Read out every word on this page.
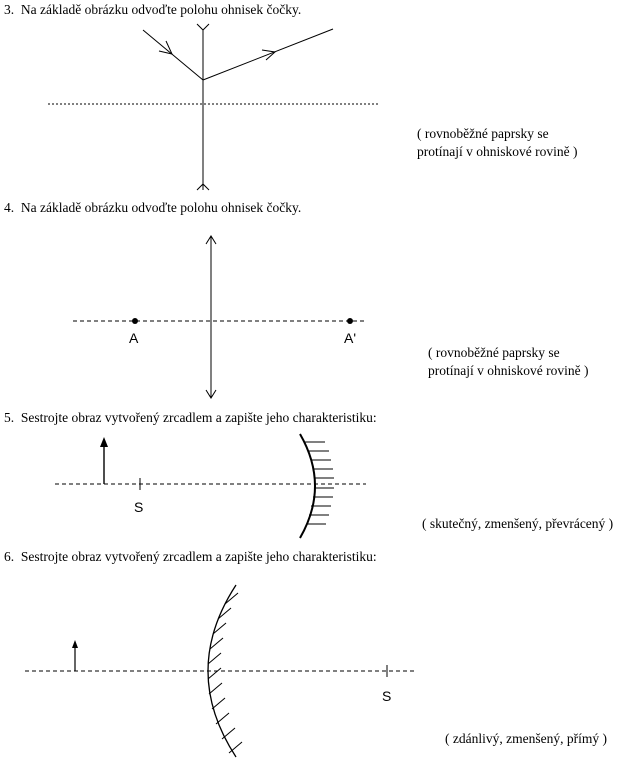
3. Na základě obrázku odvoďte polohu ohnisek čočky.
( rovnoběžné paprsky se
protínají v ohniskové rovině )
4. Na základě obrázku odvoďte polohu ohnisek čočky.
A	A'
( rovnoběžné paprsky se
protínají v ohniskové rovině )
5. Sestrojte obraz vytvořený zrcadlem a zapište jeho charakteristiku:
S
( skutečný, zmenšený, převrácený )
6. Sestrojte obraz vytvořený zrcadlem a zapište jeho charakteristiku:
S
( zdánlivý, zmenšený, přímý )
